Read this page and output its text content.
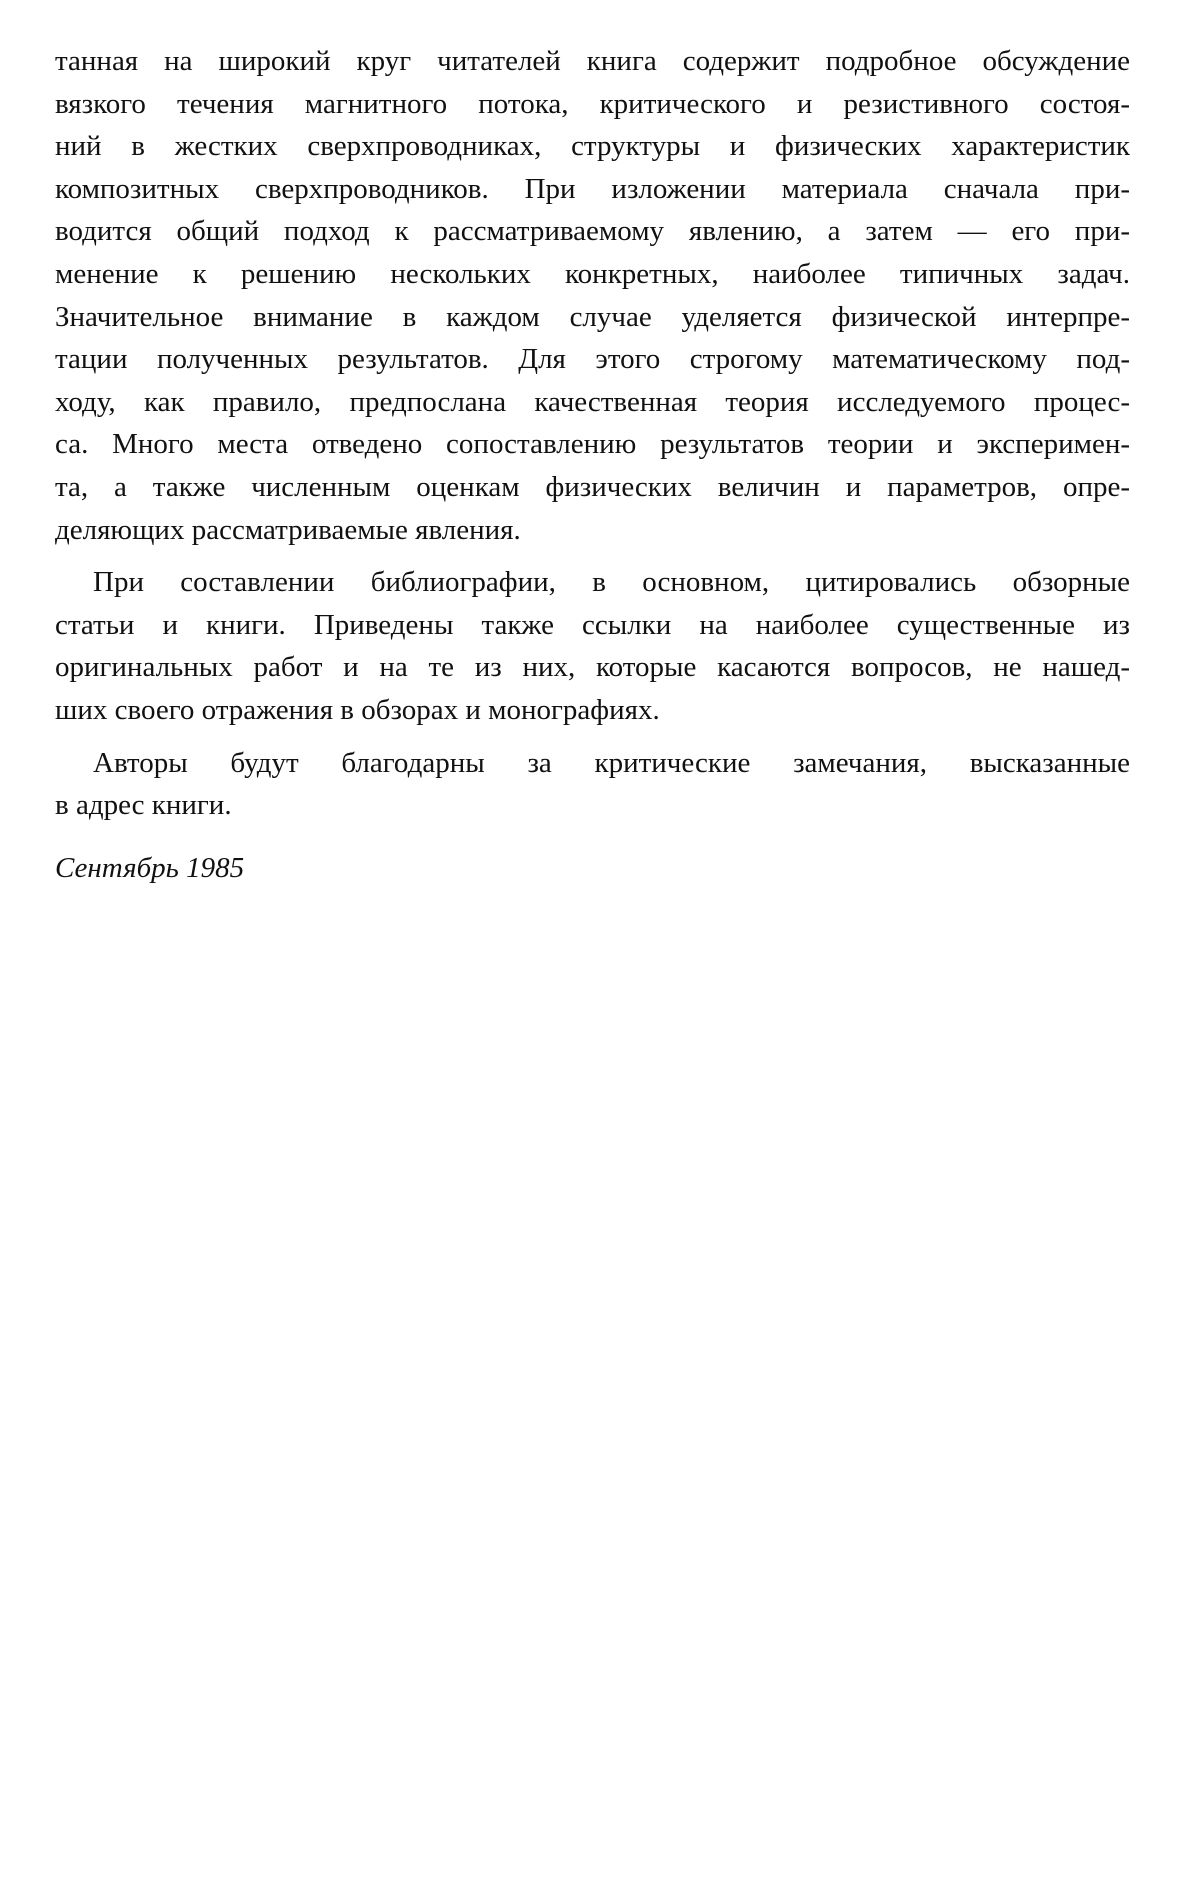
танная на широкий круг читателей книга содержит подробное обсуждение
вязкого течения магнитного потока, критического и резистивного состоя-
ний в жестких сверхпроводниках, структуры и физических характеристик
композитных сверхпроводников. При изложении материала сначала при-
водится общий подход к рассматриваемому явлению, а затем — его при-
менение к решению нескольких конкретных, наиболее типичных задач.
Значительное внимание в каждом случае уделяется физической интерпре-
тации полученных результатов. Для этого строгому математическому под-
ходу, как правило, предпослана качественная теория исследуемого процес-
са. Много места отведено сопоставлению результатов теории и эксперимен-
та, а также численным оценкам физических величин и параметров, опре-
деляющих рассматриваемые явления.
При составлении библиографии, в основном, цитировались обзорные
статьи и книги. Приведены также ссылки на наиболее существенные из
оригинальных работ и на те из них, которые касаются вопросов, не нашед-
ших своего отражения в обзорах и монографиях.
Авторы будут благодарны за критические замечания, высказанные
в адрес книги.
Сентябрь 1985
